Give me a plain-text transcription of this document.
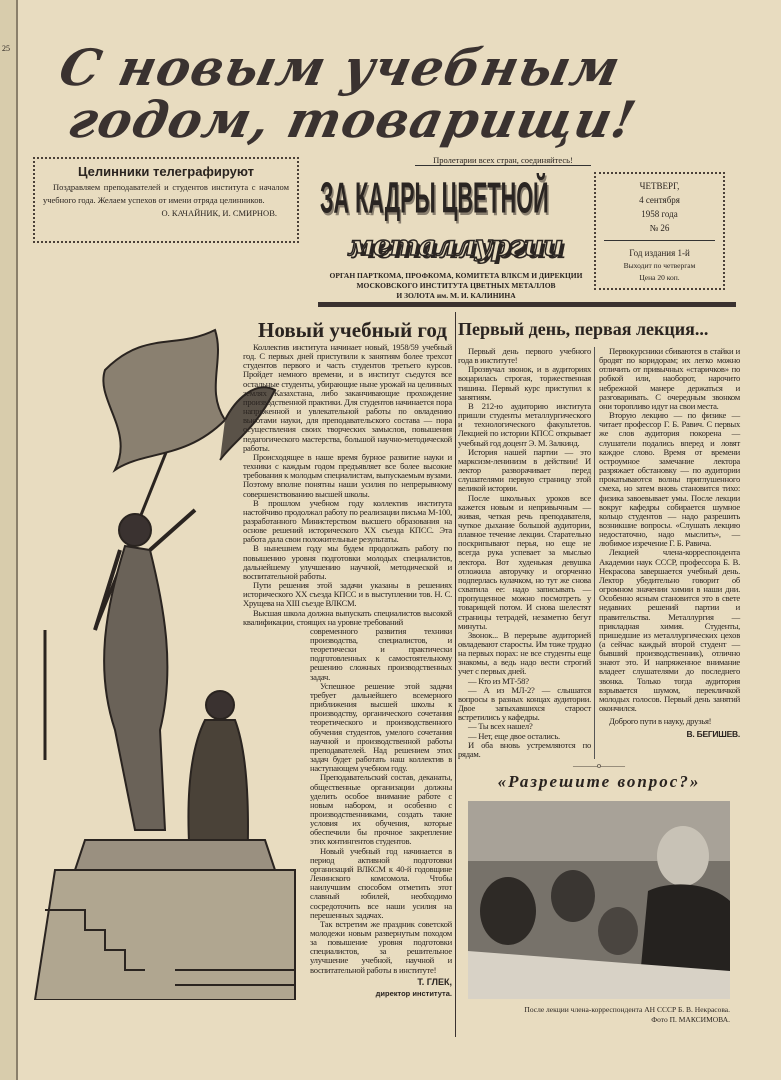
25 С новым учебным
годом, товарищи!
Целинники телеграфируют

Поздравляем преподавателей и студентов института с началом учебного года. Желаем успехов от имени отряда целинников.

О. КАЧАЙНИК, И. СМИРНОВ.

Пролетарии всех стран, соединяйтесь!
ЗА КАДРЫ ЦВЕТНОЙ
металлургии
ОРГАН ПАРТКОМА, ПРОФКОМА, КОМИТЕТА ВЛКСМ И ДИРЕКЦИИ
МОСКОВСКОГО ИНСТИТУТА ЦВЕТНЫХ МЕТАЛЛОВ
И ЗОЛОТА им. М. И. КАЛИНИНА
ЧЕТВЕРГ,
4 сентября
1958 года
№ 26
Год издания 1-й
Выходит по четвергам
Цена 20 коп.
Новый учебный год

Коллектив института начинает новый, 1958/59 учебный год. С первых дней приступили к занятиям более трехсот студентов первого и часть студентов третьего курсов. Пройдет немного времени, и в институт съедутся все остальные студенты, убирающие ныне урожай на целинных землях Казахстана, либо заканчивающие прохождение производственной практики. Для студентов начинается пора напряженной и увлекательной работы по овладению высотами науки, для преподавательского состава — пора осуществления своих творческих замыслов, повышения педагогического мастерства, большой научно-методической работы.

Происходящее в наше время бурное развитие науки и техники с каждым годом предъявляет все более высокие требования к молодым специалистам, выпускаемым вузами. Поэтому вполне понятны наши усилия по непрерывному совершенствованию высшей школы.

В прошлом учебном году коллектив института настойчиво продолжал работу по реализации письма М-100, разработанного Министерством высшего образования на основе решений исторического XX съезда КПСС. Эта работа дала свои положительные результаты.

В нынешнем году мы будем продолжать работу по повышению уровня подготовки молодых специалистов, дальнейшему улучшению научной, методической и воспитательной работы.

Пути решения этой задачи указаны в решениях исторического XX съезда КПСС и в выступлении тов. Н. С. Хрущева на XIII съезде ВЛКСМ.

Высшая школа должна выпускать специалистов высокой квалификации, стоящих на уровне требований

современного развития техники производства, специалистов, и теоретически и практически подготовленных к самостоятельному решению сложных производственных задач.

Успешное решение этой задачи требует дальнейшего всемерного приближения высшей школы к производству, органического сочетания теоретического и производственного обучения студентов, умелого сочетания научной и производственной работы преподавателей. Над решением этих задач будет работать наш коллектив в наступающем учебном году.

Преподавательский состав, деканаты, общественные организации должны уделить особое внимание работе с новым набором, и особенно с производственниками, создать такие условия их обучения, которые обеспечили бы прочное закрепление этих контингентов студентов.

Новый учебный год начинается в период активной подготовки организаций ВЛКСМ к 40-й годовщине Ленинского комсомола. Чтобы наилучшим способом отметить этот славный юбилей, необходимо сосредоточить все наши усилия на перешенных задачах.

Так встретим же праздник советской молодежи новым развернутым походом за повышение уровня подготовки специалистов, за решительное улучшение учебной, научной и воспитательной работы в институте!

Т. ГЛЕК,
директор института.
Первый день, первая лекция...

Первый день первого учебного года в институте!

Прозвучал звонок, и в аудиториях воцарилась строгая, торжественная тишина. Первый курс приступил к занятиям.

В 212-ю аудиторию института пришли студенты металлургического и технологического факультетов. Лекцией по истории КПСС открывает учебный год доцент Э. М. Залкинд.

История нашей партии — это марксизм-ленинизм в действии! И лектор разворачивает перед слушателями первую страницу этой великой истории.

После школьных уроков все кажется новым и непривычным — живая, четкая речь преподавателя, чуткое дыхание большой аудитории, плавное течение лекции. Старательно поскрипывают перья, но еще не всегда рука успевает за мыслью лектора. Вот худенькая девушка отложила авторучку и огорченно подперлась кулачком, но тут же снова схватила ее: надо записывать — пропущенное можно посмотреть у товарищей потом. И снова шелестят страницы тетрадей, незаметно бегут минуты.

Звонок... В перерыве аудиторией овладевают старосты. Им тоже трудно на первых порах: не все студенты еще знакомы, а ведь надо вести строгий учет с первых дней.

— Кто из МТ-58?

— А из МЛ-2? — слышатся вопросы в разных концах аудитории. Двое запыхавшихся старост встретились у кафедры.

— Ты всех нашел?

— Нет, еще двое остались.

И оба вновь устремляются по рядам.

Первокурсники сбиваются в стайки и бродят по коридорам; их легко можно отличить от привычных «старичков» по робкой или, наоборот, нарочито небрежной манере держаться и разговаривать. С очередным звонком они торопливо идут на свои места.

Вторую лекцию — по физике — читает профессор Г. Б. Равич. С первых же слов аудитория покорена — слушатели подались вперед и ловят каждое слово. Время от времени остроумное замечание лектора разряжает обстановку — по аудитории прокатываются волны приглушенного смеха, но затем вновь становится тихо: физика завоевывает умы. После лекции вокруг кафедры собирается шумное кольцо студентов — надо разрешить возникшие вопросы. «Слушать лекцию недостаточно, надо мыслить», — любимое изречение Г. Б. Равича.

Лекцией члена-корреспондента Академии наук СССР, профессора Б. В. Некрасова завершается учебный день. Лектор убедительно говорит об огромном значении химии в наши дни. Особенно ясным становится это в свете недавних решений партии и правительства. Металлургия — прикладная химия. Студенты, пришедшие из металлургических цехов (а сейчас каждый второй студент — бывший производственник), отлично знают это. И напряженное внимание владеет слушателями до последнего звонка. Только тогда аудитория взрывается шумом, перекличкой молодых голосов. Первый день занятий окончился.

Доброго пути в науку, друзья!

В. БЕГИШЕВ.
———o———
«Разрешите вопрос?»
После лекции члена-корреспондента АН СССР Б. В. Некрасова.
Фото П. МАКСИМОВА.
